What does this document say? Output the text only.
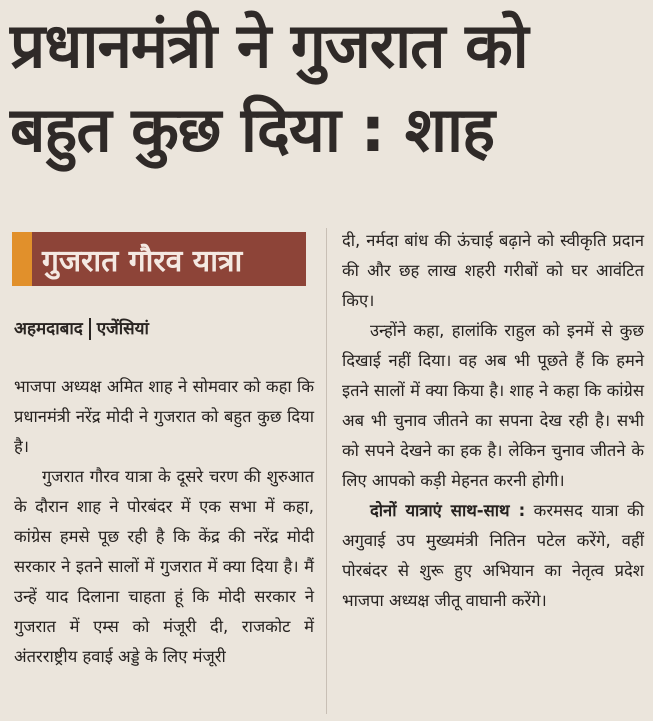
प्रधानमंत्री ने गुजरात को
बहुत कुछ दिया : शाह
गुजरात गौरव यात्रा
अहमदाबाद एजेंसियां

भाजपा अध्यक्ष अमित शाह ने सोमवार को कहा कि प्रधानमंत्री नरेंद्र मोदी ने गुजरात को बहुत कुछ दिया है।

गुजरात गौरव यात्रा के दूसरे चरण की शुरुआत के दौरान शाह ने पोरबंदर में एक सभा में कहा, कांग्रेस हमसे पूछ रही है कि केंद्र की नरेंद्र मोदी सरकार ने इतने सालों में गुजरात में क्या दिया है। मैं उन्हें याद दिलाना चाहता हूं कि मोदी सरकार ने गुजरात में एम्स को मंजूरी दी, राजकोट में अंतरराष्ट्रीय हवाई अड्डे के लिए मंजूरी

दी, नर्मदा बांध की ऊंचाई बढ़ाने को स्वीकृति प्रदान की और छह लाख शहरी गरीबों को घर आवंटित किए।

उन्होंने कहा, हालांकि राहुल को इनमें से कुछ दिखाई नहीं दिया। वह अब भी पूछते हैं कि हमने इतने सालों में क्या किया है। शाह ने कहा कि कांग्रेस अब भी चुनाव जीतने का सपना देख रही है। सभी को सपने देखने का हक है। लेकिन चुनाव जीतने के लिए आपको कड़ी मेहनत करनी होगी।

दोनों यात्राएं साथ-साथ : करमसद यात्रा की अगुवाई उप मुख्यमंत्री नितिन पटेल करेंगे, वहीं पोरबंदर से शुरू हुए अभियान का नेतृत्व प्रदेश भाजपा अध्यक्ष जीतू वाघानी करेंगे।
